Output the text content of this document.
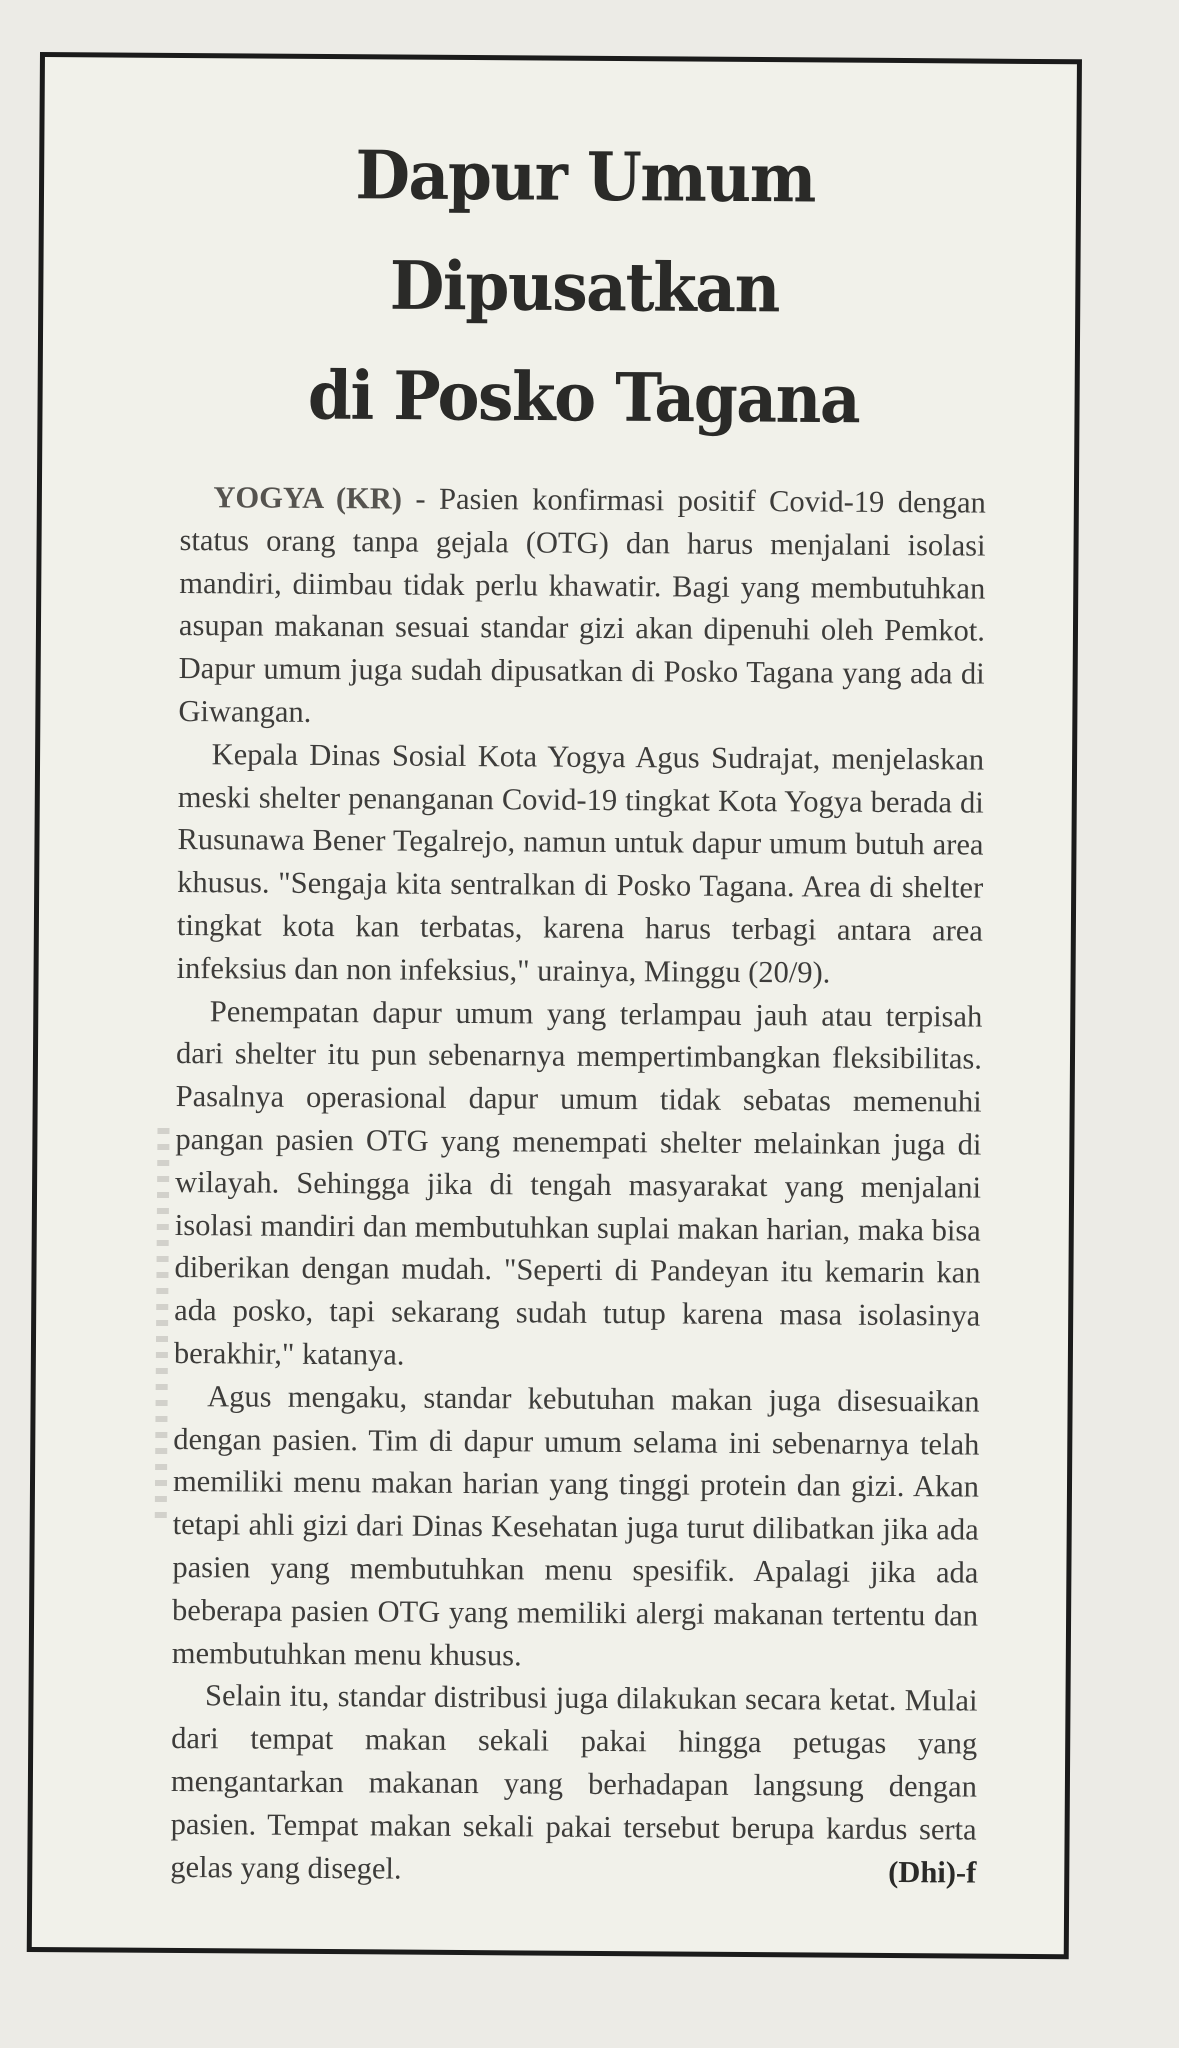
Dapur Umum Dipusatkan
di Posko Tagana

YOGYA (KR) - Pasien konfirmasi positif Covid-19 dengan status orang tanpa gejala (OTG) dan harus menjalani isolasi mandiri, diimbau tidak perlu khawatir. Bagi yang membutuhkan asupan makanan sesuai standar gizi akan dipenuhi oleh Pemkot. Dapur umum juga sudah dipusatkan di Posko Tagana yang ada di Giwangan.

Kepala Dinas Sosial Kota Yogya Agus Sudrajat, menjelaskan meski shelter penanganan Covid-19 tingkat Kota Yogya berada di Rusunawa Bener Tegalrejo, namun untuk dapur umum butuh area khusus. "Sengaja kita sentralkan di Posko Tagana. Area di shelter tingkat kota kan terbatas, karena harus terbagi antara area infeksius dan non infeksius," urainya, Minggu (20/9).

Penempatan dapur umum yang terlampau jauh atau terpisah dari shelter itu pun sebenarnya mempertimbangkan fleksibilitas. Pasalnya operasional dapur umum tidak sebatas memenuhi pangan pasien OTG yang menempati shelter melainkan juga di wilayah. Sehingga jika di tengah masyarakat yang menjalani isolasi mandiri dan membutuhkan suplai makan harian, maka bisa diberikan dengan mudah. "Seperti di Pandeyan itu kemarin kan ada posko, tapi sekarang sudah tutup karena masa isolasinya berakhir," katanya.

Agus mengaku, standar kebutuhan makan juga disesuaikan dengan pasien. Tim di dapur umum selama ini sebenarnya telah memiliki menu makan harian yang tinggi protein dan gizi. Akan tetapi ahli gizi dari Dinas Kesehatan juga turut dilibatkan jika ada pasien yang membutuhkan menu spesifik. Apalagi jika ada beberapa pasien OTG yang memiliki alergi makanan tertentu dan membutuhkan menu khusus.

Selain itu, standar distribusi juga dilakukan secara ketat. Mulai dari tempat makan sekali pakai hingga petugas yang mengantarkan makanan yang berhadapan langsung dengan pasien. Tempat makan sekali pakai tersebut berupa kardus serta gelas yang disegel.	(Dhi)-f
